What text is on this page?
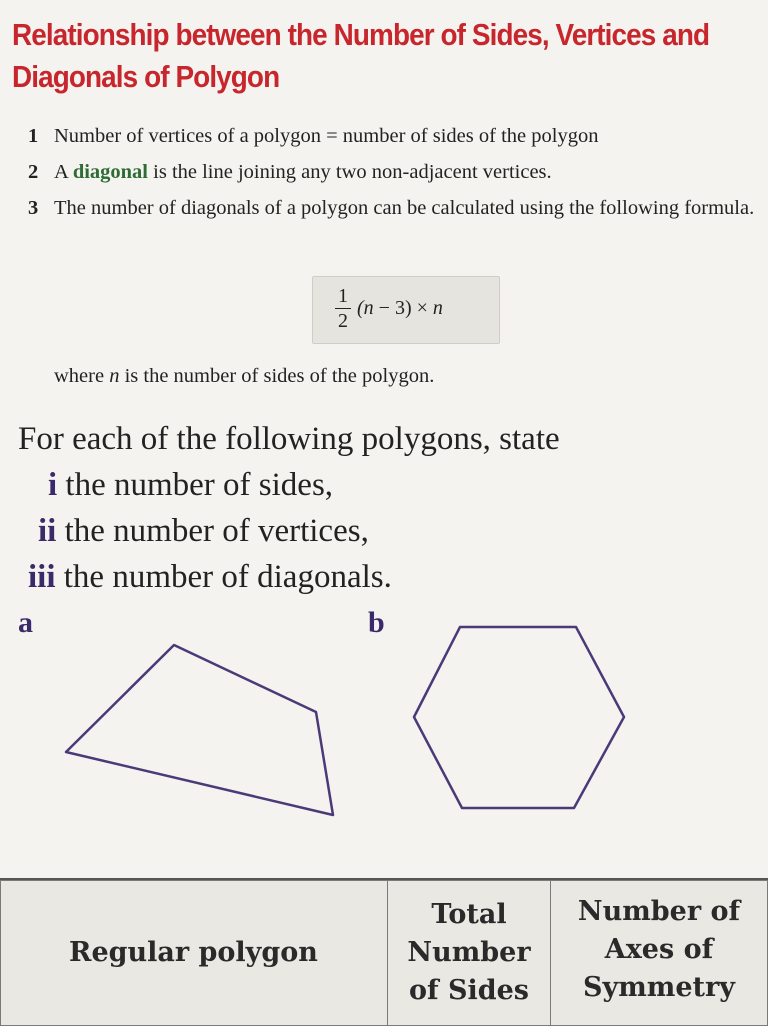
Relationship between the Number of Sides, Vertices and
Diagonals of Polygon
1 Number of vertices of a polygon = number of sides of the polygon
2 A diagonal is the line joining any two non-adjacent vertices.
3 The number of diagonals of a polygon can be calculated using the following formula.
1
2
(n − 3) × n
where n is the number of sides of the polygon.
For each of the following polygons, state
i the number of sides,
ii the number of vertices,
iii the number of diagonals.
a	b
Regular polygon	Total Number of Sides	Number of Axes of Symmetry
